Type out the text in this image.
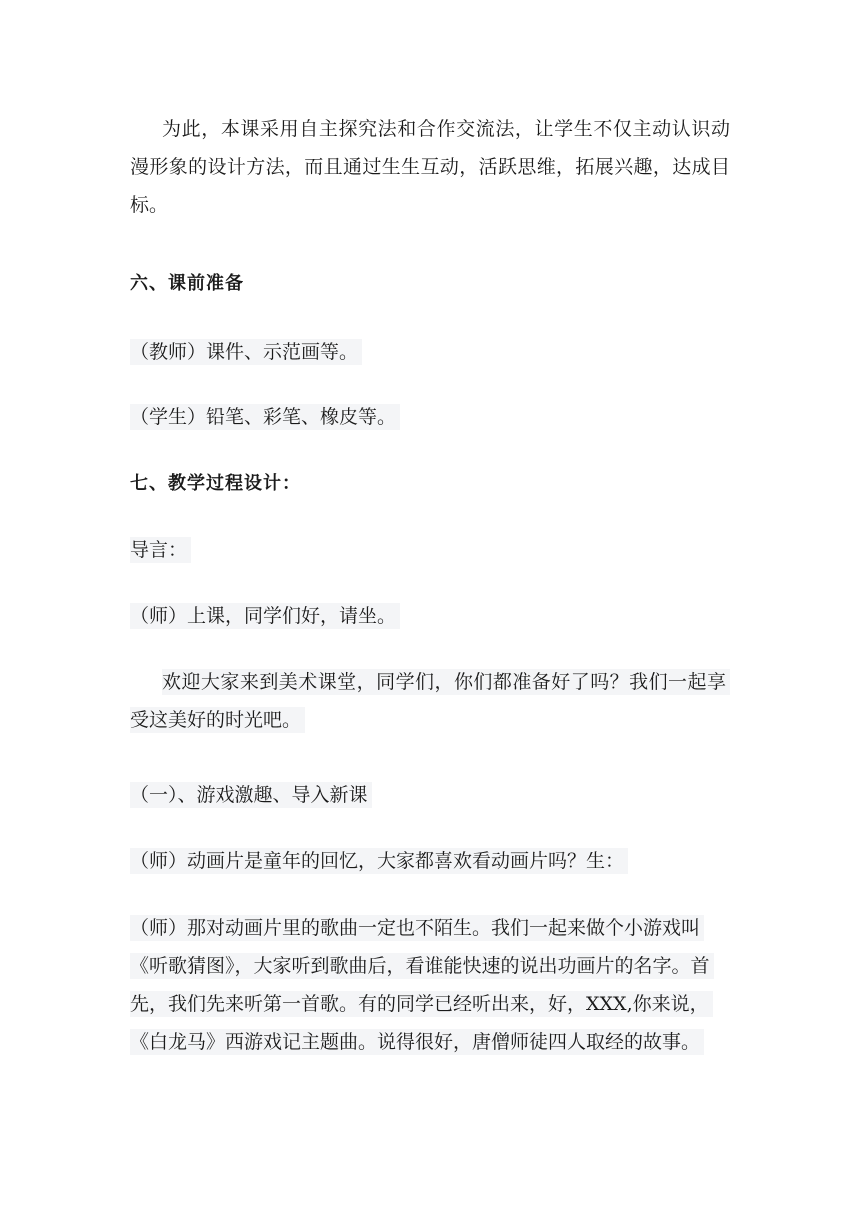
为此，本课采用自主探究法和合作交流法，让学生不仅主动认识动漫形象的设计方法，而且通过生生互动，活跃思维，拓展兴趣，达成目标。

六、课前准备

（教师）课件、示范画等。

（学生）铅笔、彩笔、橡皮等。

七、教学过程设计：

导言：

（师）上课，同学们好，请坐。

欢迎大家来到美术课堂，同学们，你们都准备好了吗？我们一起享受这美好的时光吧。

（一）、游戏激趣、导入新课

（师）动画片是童年的回忆，大家都喜欢看动画片吗？生：

（师）那对动画片里的歌曲一定也不陌生。我们一起来做个小游戏叫《听歌猜图》，大家听到歌曲后，看谁能快速的说出功画片的名字。首先，我们先来听第一首歌。有的同学已经听出来，好，XXX,你来说，《白龙马》西游戏记主题曲。说得很好，唐僧师徒四人取经的故事。
